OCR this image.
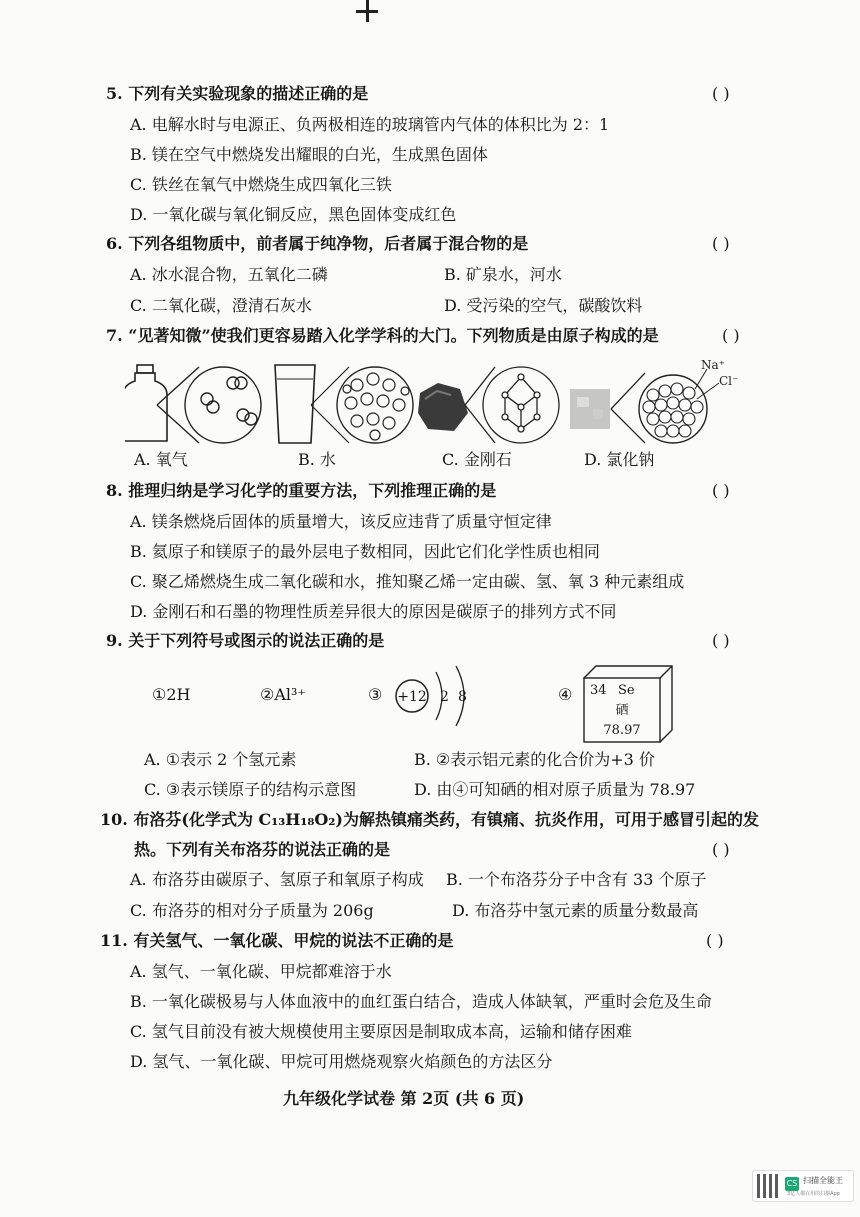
5. 下列有关实验现象的描述正确的是	( )
A. 电解水时与电源正、负两极相连的玻璃管内气体的体积比为 2：1
B. 镁在空气中燃烧发出耀眼的白光，生成黑色固体
C. 铁丝在氧气中燃烧生成四氧化三铁
D. 一氧化碳与氧化铜反应，黑色固体变成红色
6. 下列各组物质中，前者属于纯净物，后者属于混合物的是	( )
A. 冰水混合物，五氧化二磷	B. 矿泉水，河水
C. 二氧化碳，澄清石灰水	D. 受污染的空气，碳酸饮料
7. “见著知微”使我们更容易踏入化学学科的大门。下列物质是由原子构成的是	( )
Na⁺
Cl⁻
A. 氧气	B. 水	C. 金刚石	D. 氯化钠
8. 推理归纳是学习化学的重要方法，下列推理正确的是	( )
A. 镁条燃烧后固体的质量增大，该反应违背了质量守恒定律
B. 氦原子和镁原子的最外层电子数相同，因此它们化学性质也相同
C. 聚乙烯燃烧生成二氧化碳和水，推知聚乙烯一定由碳、氢、氧 3 种元素组成
D. 金刚石和石墨的物理性质差异很大的原因是碳原子的排列方式不同
9. 关于下列符号或图示的说法正确的是	( )
①2H	②Al³⁺	③ +12 2 8	④ 34 Se
硒
78.97
A. ①表示 2 个氢元素	B. ②表示铝元素的化合价为+3 价
C. ③表示镁原子的结构示意图	D. 由④可知硒的相对原子质量为 78.97
10. 布洛芬(化学式为 C₁₃H₁₈O₂)为解热镇痛类药，有镇痛、抗炎作用，可用于感冒引起的发
热。下列有关布洛芬的说法正确的是	( )
A. 布洛芬由碳原子、氢原子和氧原子构成 B. 一个布洛芬分子中含有 33 个原子
C. 布洛芬的相对分子质量为 206g	D. 布洛芬中氢元素的质量分数最高
11. 有关氢气、一氧化碳、甲烷的说法不正确的是	( )
A. 氢气、一氧化碳、甲烷都难溶于水
B. 一氧化碳极易与人体血液中的血红蛋白结合，造成人体缺氧，严重时会危及生命
C. 氢气目前没有被大规模使用主要原因是制取成本高，运输和储存困难
D. 氢气、一氧化碳、甲烷可用燃烧观察火焰颜色的方法区分
九年级化学试卷 第 2页 (共 6 页)
CS 扫描全能王
3亿人都在用的扫描App
